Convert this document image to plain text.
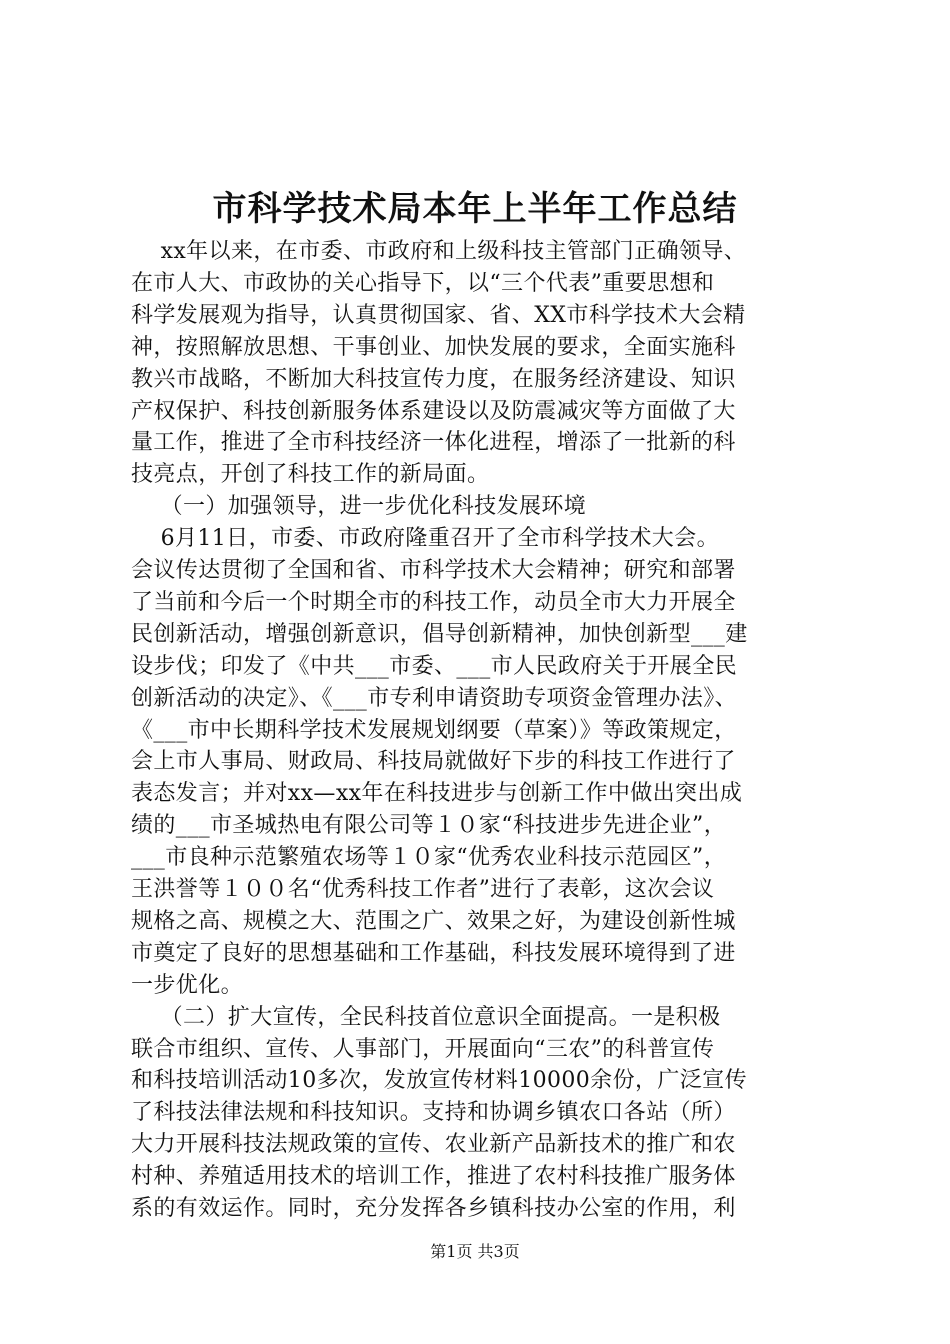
市科学技术局本年上半年工作总结
xx年以来，在市委、市政府和上级科技主管部门正确领导、
在市人大、市政协的关心指导下，以“三个代表”重要思想和
科学发展观为指导，认真贯彻国家、省、XX市科学技术大会精
神，按照解放思想、干事创业、加快发展的要求，全面实施科
教兴市战略，不断加大科技宣传力度，在服务经济建设、知识
产权保护、科技创新服务体系建设以及防震减灾等方面做了大
量工作，推进了全市科技经济一体化进程，增添了一批新的科
技亮点，开创了科技工作的新局面。
（一）加强领导，进一步优化科技发展环境
6月11日，市委、市政府隆重召开了全市科学技术大会。
会议传达贯彻了全国和省、市科学技术大会精神；研究和部署
了当前和今后一个时期全市的科技工作，动员全市大力开展全
民创新活动，增强创新意识，倡导创新精神，加快创新型___建
设步伐；印发了《中共___市委、___市人民政府关于开展全民
创新活动的决定》、《___市专利申请资助专项资金管理办法》、
《___市中长期科学技术发展规划纲要（草案）》等政策规定，
会上市人事局、财政局、科技局就做好下步的科技工作进行了
表态发言；并对xx—xx年在科技进步与创新工作中做出突出成
绩的___市圣城热电有限公司等１０家“科技进步先进企业”，
___市良种示范繁殖农场等１０家“优秀农业科技示范园区”，
王洪誉等１００名“优秀科技工作者”进行了表彰，这次会议
规格之高、规模之大、范围之广、效果之好，为建设创新性城
市奠定了良好的思想基础和工作基础，科技发展环境得到了进
一步优化。
（二）扩大宣传，全民科技首位意识全面提高。一是积极
联合市组织、宣传、人事部门，开展面向“三农”的科普宣传
和科技培训活动10多次，发放宣传材料10000余份，广泛宣传
了科技法律法规和科技知识。支持和协调乡镇农口各站（所）
大力开展科技法规政策的宣传、农业新产品新技术的推广和农
村种、养殖适用技术的培训工作，推进了农村科技推广服务体
系的有效运作。同时，充分发挥各乡镇科技办公室的作用，利
第1页 共3页
